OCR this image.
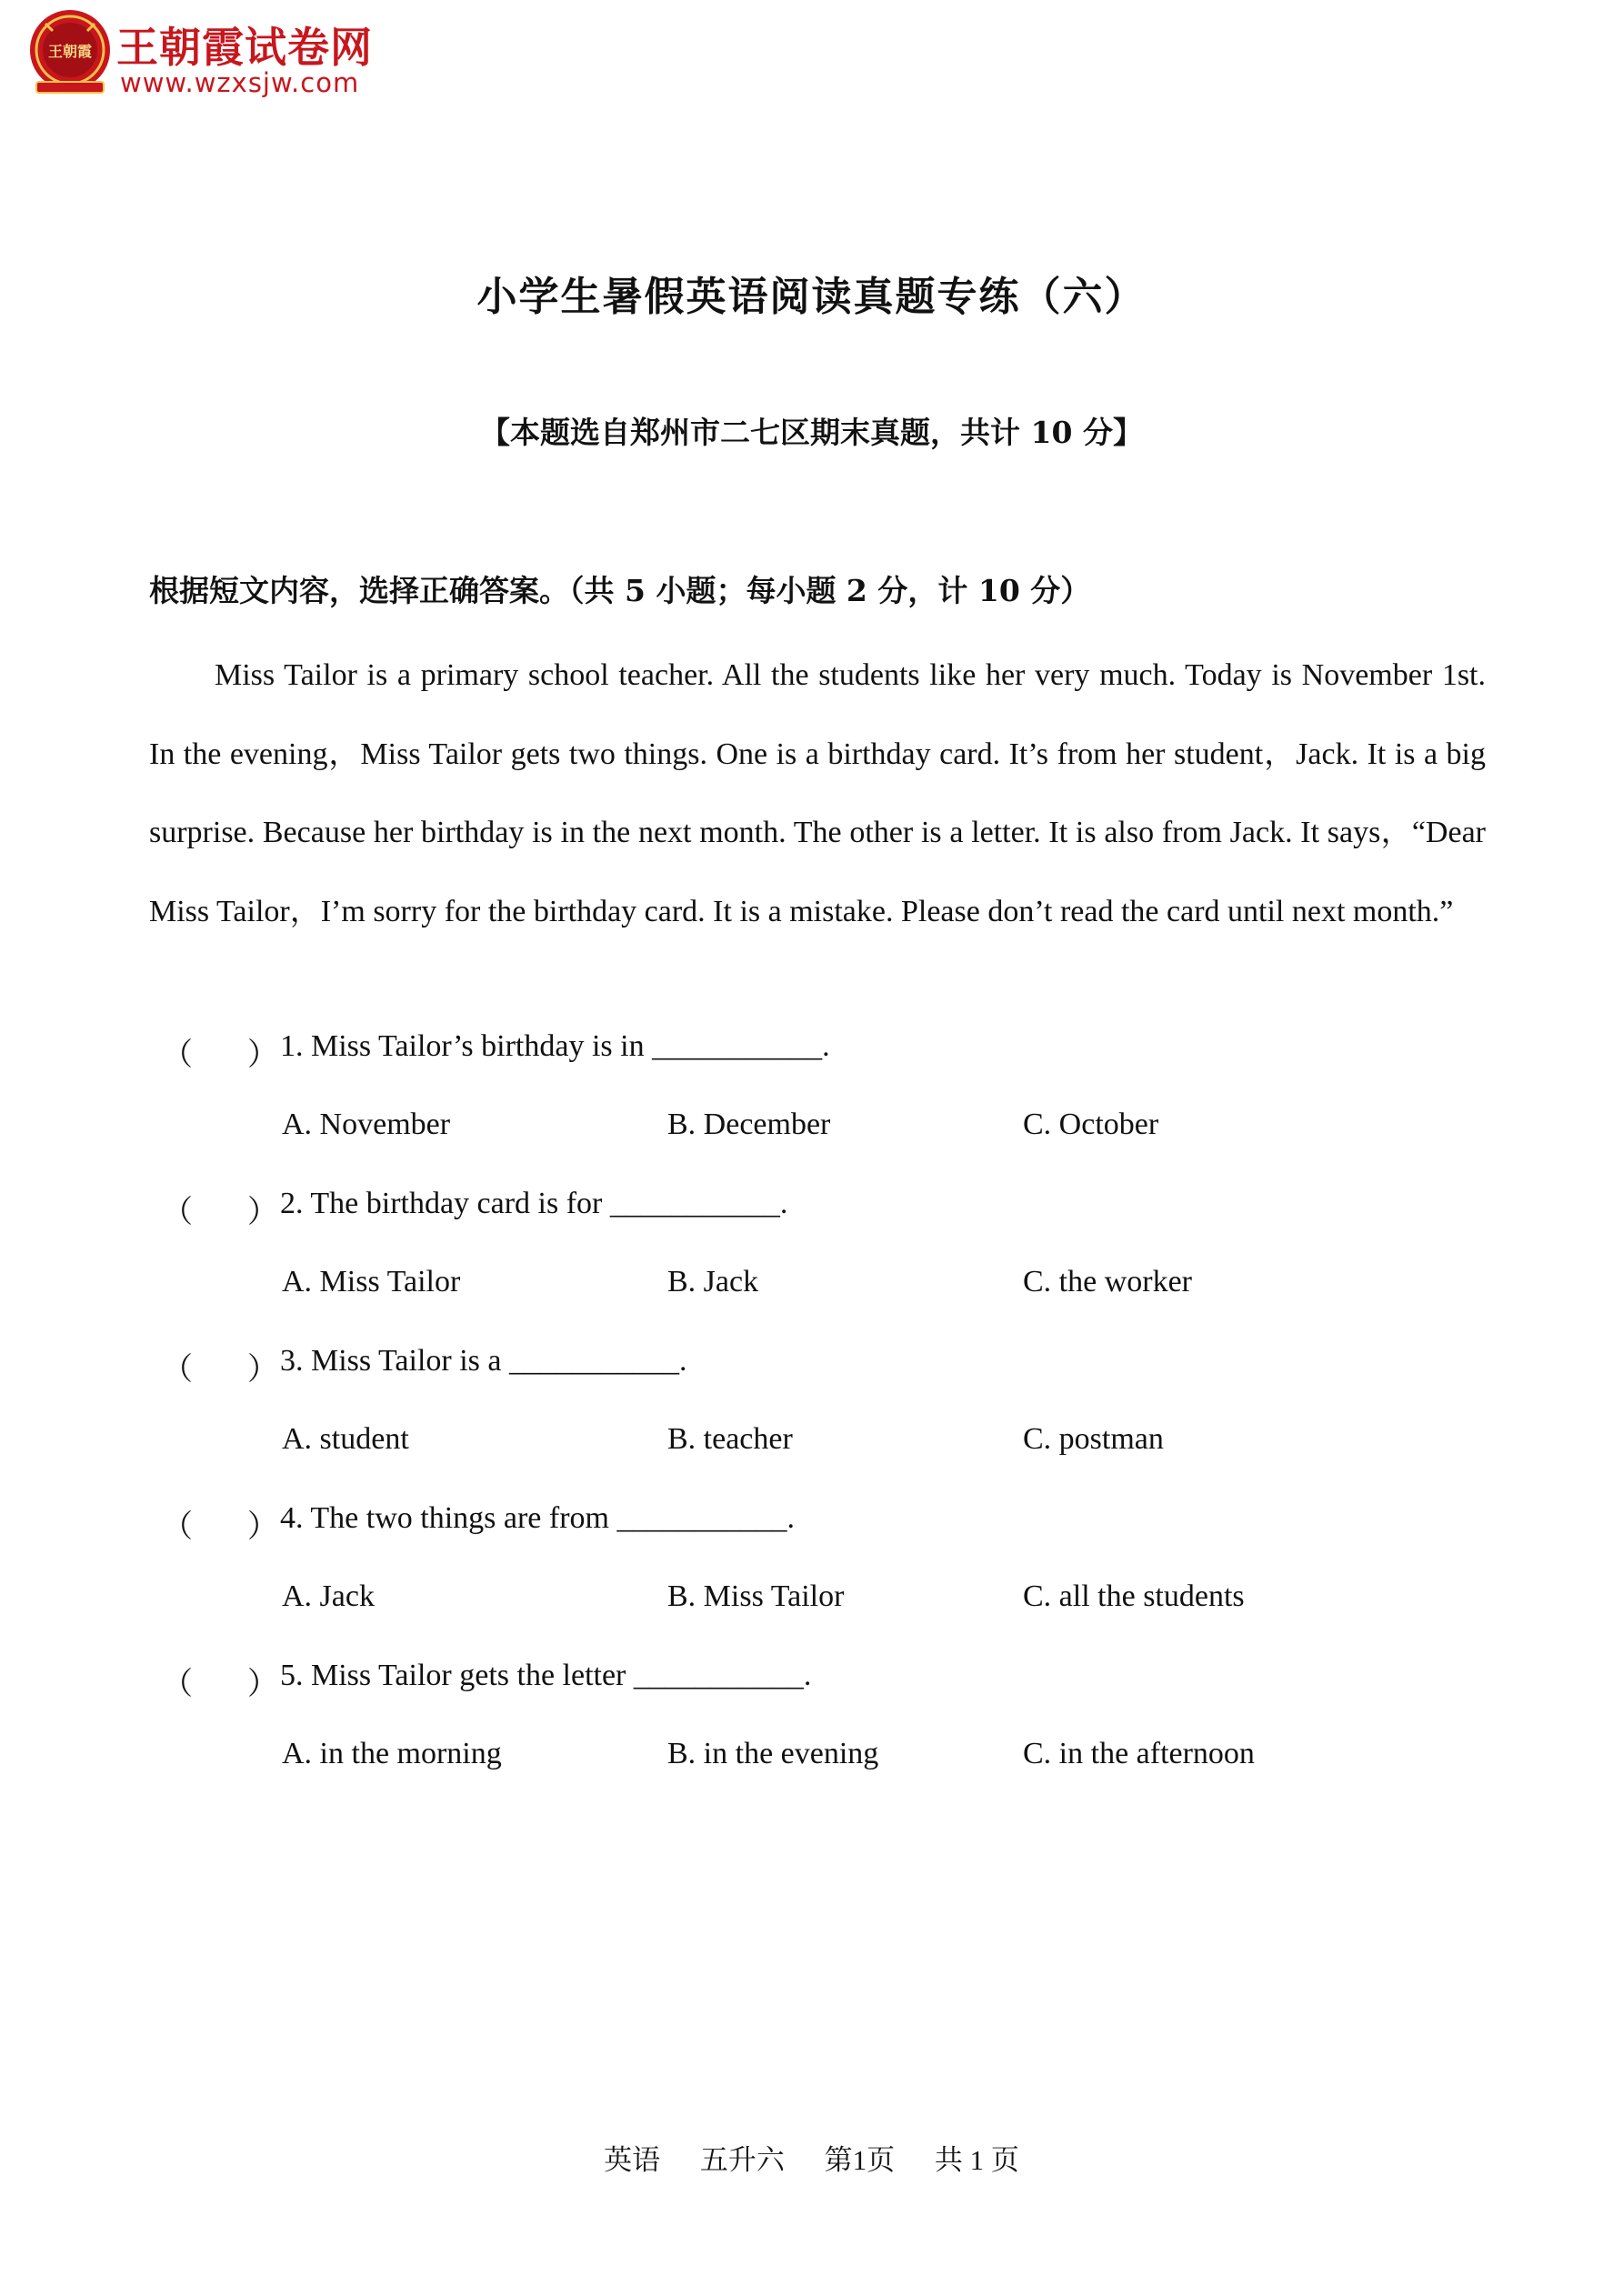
王朝霞 王朝霞试卷网
www.wzxsjw.com
小学生暑假英语阅读真题专练（六）
【本题选自郑州市二七区期末真题，共计 10 分】
根据短文内容，选择正确答案。（共 5 小题；每小题 2 分，计 10 分）

Miss Tailor is a primary school teacher. All the students like her very much. Today is November 1st. In the evening，Miss Tailor gets two things. One is a birthday card. It’s from her student，Jack. It is a big surprise. Because her birthday is in the next month. The other is a letter. It is also from Jack. It says，“Dear Miss Tailor，I’m sorry for the birthday card. It is a mistake. Please don’t read the card until next month.”

（ ） 1. Miss Tailor’s birthday is in ___________.
A. November	B. December	C. October
（ ） 2. The birthday card is for ___________.
A. Miss Tailor	B. Jack	C. the worker
（ ） 3. Miss Tailor is a ___________.
A. student	B. teacher	C. postman
（ ） 4. The two things are from ___________.
A. Jack	B. Miss Tailor	C. all the students
（ ） 5. Miss Tailor gets the letter ___________.
A. in the morning	B. in the evening	C. in the afternoon
英语 五升六 第1页 共 1 页
